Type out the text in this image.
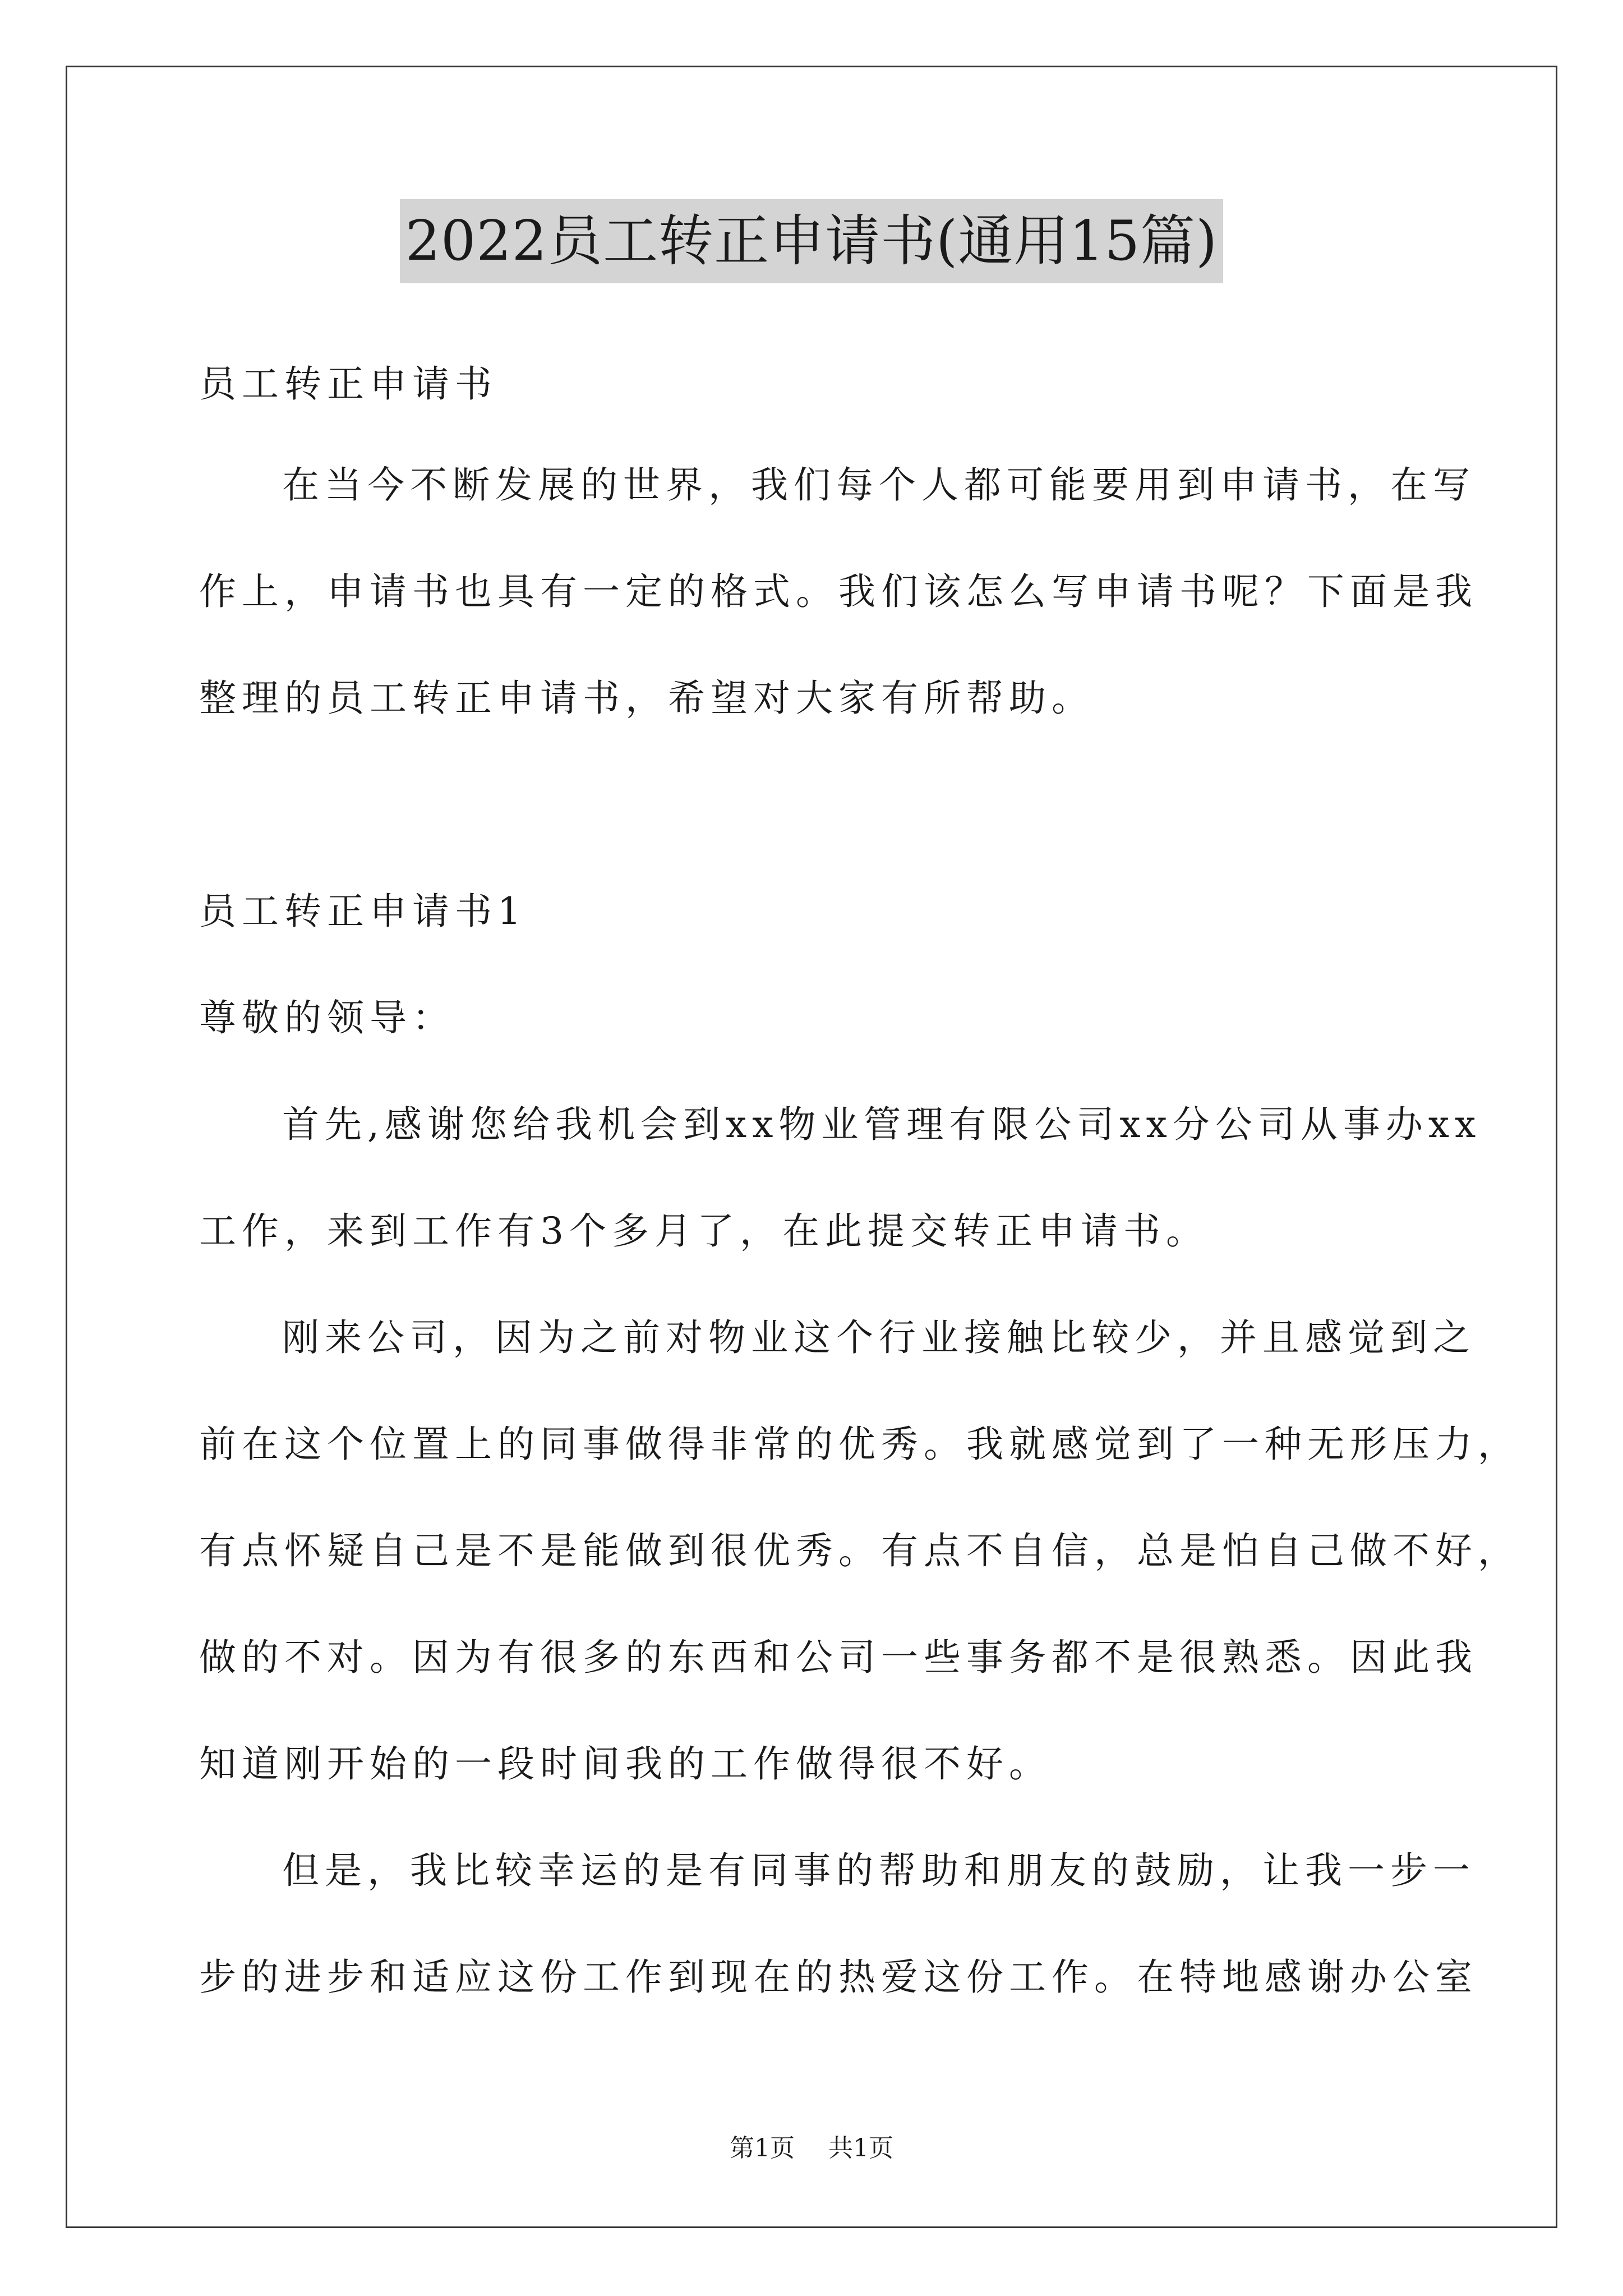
2022员工转正申请书(通用15篇)
员工转正申请书
在当今不断发展的世界，我们每个人都可能要用到申请书，在写
作上，申请书也具有一定的格式。我们该怎么写申请书呢？下面是我
整理的员工转正申请书，希望对大家有所帮助。
员工转正申请书1
尊敬的领导：
首先,感谢您给我机会到xx物业管理有限公司xx分公司从事办xx
工作，来到工作有3个多月了，在此提交转正申请书。
刚来公司，因为之前对物业这个行业接触比较少，并且感觉到之
前在这个位置上的同事做得非常的优秀。我就感觉到了一种无形压力，
有点怀疑自己是不是能做到很优秀。有点不自信，总是怕自己做不好，
做的不对。因为有很多的东西和公司一些事务都不是很熟悉。因此我
知道刚开始的一段时间我的工作做得很不好。
但是，我比较幸运的是有同事的帮助和朋友的鼓励，让我一步一
步的进步和适应这份工作到现在的热爱这份工作。在特地感谢办公室
第1页 共1页
